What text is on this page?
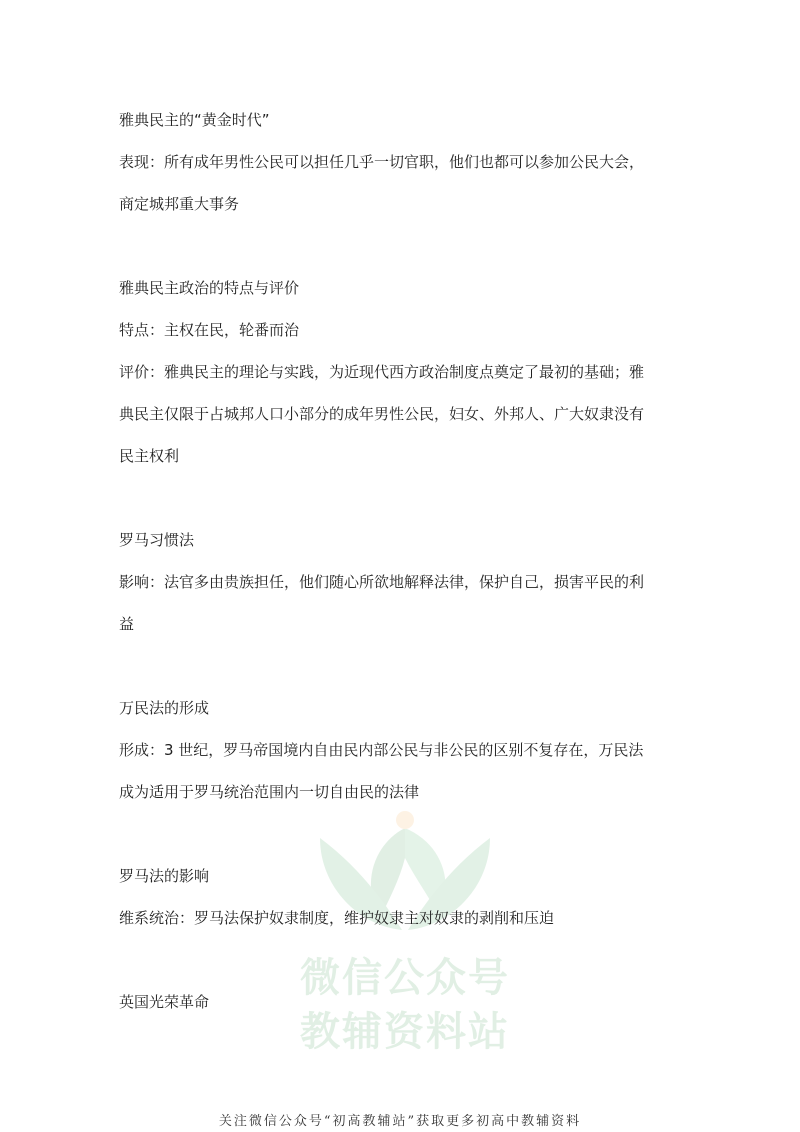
微信公众号
教辅资料站
雅典民主的“黄金时代”
表现：所有成年男性公民可以担任几乎一切官职，他们也都可以参加公民大会，
商定城邦重大事务
雅典民主政治的特点与评价
特点：主权在民，轮番而治
评价：雅典民主的理论与实践，为近现代西方政治制度点奠定了最初的基础；雅
典民主仅限于占城邦人口小部分的成年男性公民，妇女、外邦人、广大奴隶没有
民主权利
罗马习惯法
影响：法官多由贵族担任，他们随心所欲地解释法律，保护自己，损害平民的利
益
万民法的形成
形成：3 世纪，罗马帝国境内自由民内部公民与非公民的区别不复存在，万民法
成为适用于罗马统治范围内一切自由民的法律
罗马法的影响
维系统治：罗马法保护奴隶制度，维护奴隶主对奴隶的剥削和压迫
英国光荣革命
关注微信公众号“初高教辅站”获取更多初高中教辅资料
